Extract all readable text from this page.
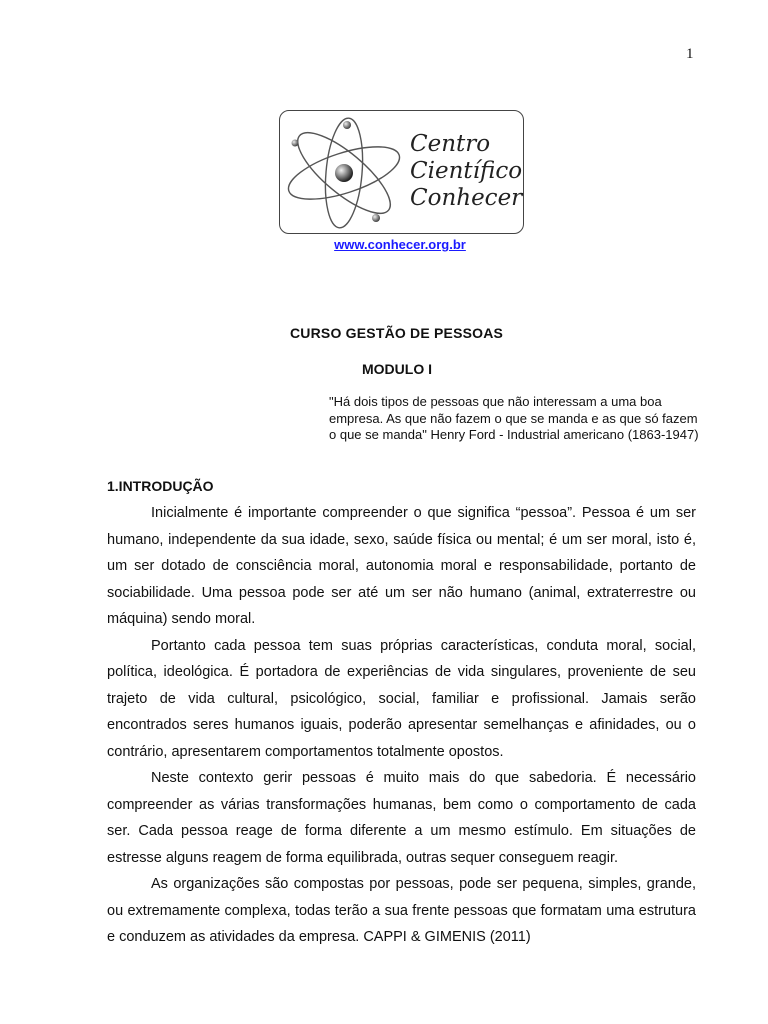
1
Centro
Científico
Conhecer
www.conhecer.org.br
CURSO GESTÃO DE PESSOAS
MODULO I
"Há dois tipos de pessoas que não interessam a uma boa empresa. As que não fazem o que se manda e as que só fazem o que se manda" Henry Ford - Industrial americano (1863-1947)
1.INTRODUÇÃO

Inicialmente é importante compreender o que significa “pessoa”. Pessoa é um ser humano, independente da sua idade, sexo, saúde física ou mental; é um ser moral, isto é, um ser dotado de consciência moral, autonomia moral e responsabilidade, portanto de sociabilidade. Uma pessoa pode ser até um ser não humano (animal, extraterrestre ou máquina) sendo moral.

Portanto cada pessoa tem suas próprias características, conduta moral, social, política, ideológica. É portadora de experiências de vida singulares, proveniente de seu trajeto de vida cultural, psicológico, social, familiar e profissional. Jamais serão encontrados seres humanos iguais, poderão apresentar semelhanças e afinidades, ou o contrário, apresentarem comportamentos totalmente opostos.

Neste contexto gerir pessoas é muito mais do que sabedoria. É necessário compreender as várias transformações humanas, bem como o comportamento de cada ser. Cada pessoa reage de forma diferente a um mesmo estímulo. Em situações de estresse alguns reagem de forma equilibrada, outras sequer conseguem reagir.

As organizações são compostas por pessoas, pode ser pequena, simples, grande, ou extremamente complexa, todas terão a sua frente pessoas que formatam uma estrutura e conduzem as atividades da empresa. CAPPI & GIMENIS (2011)
